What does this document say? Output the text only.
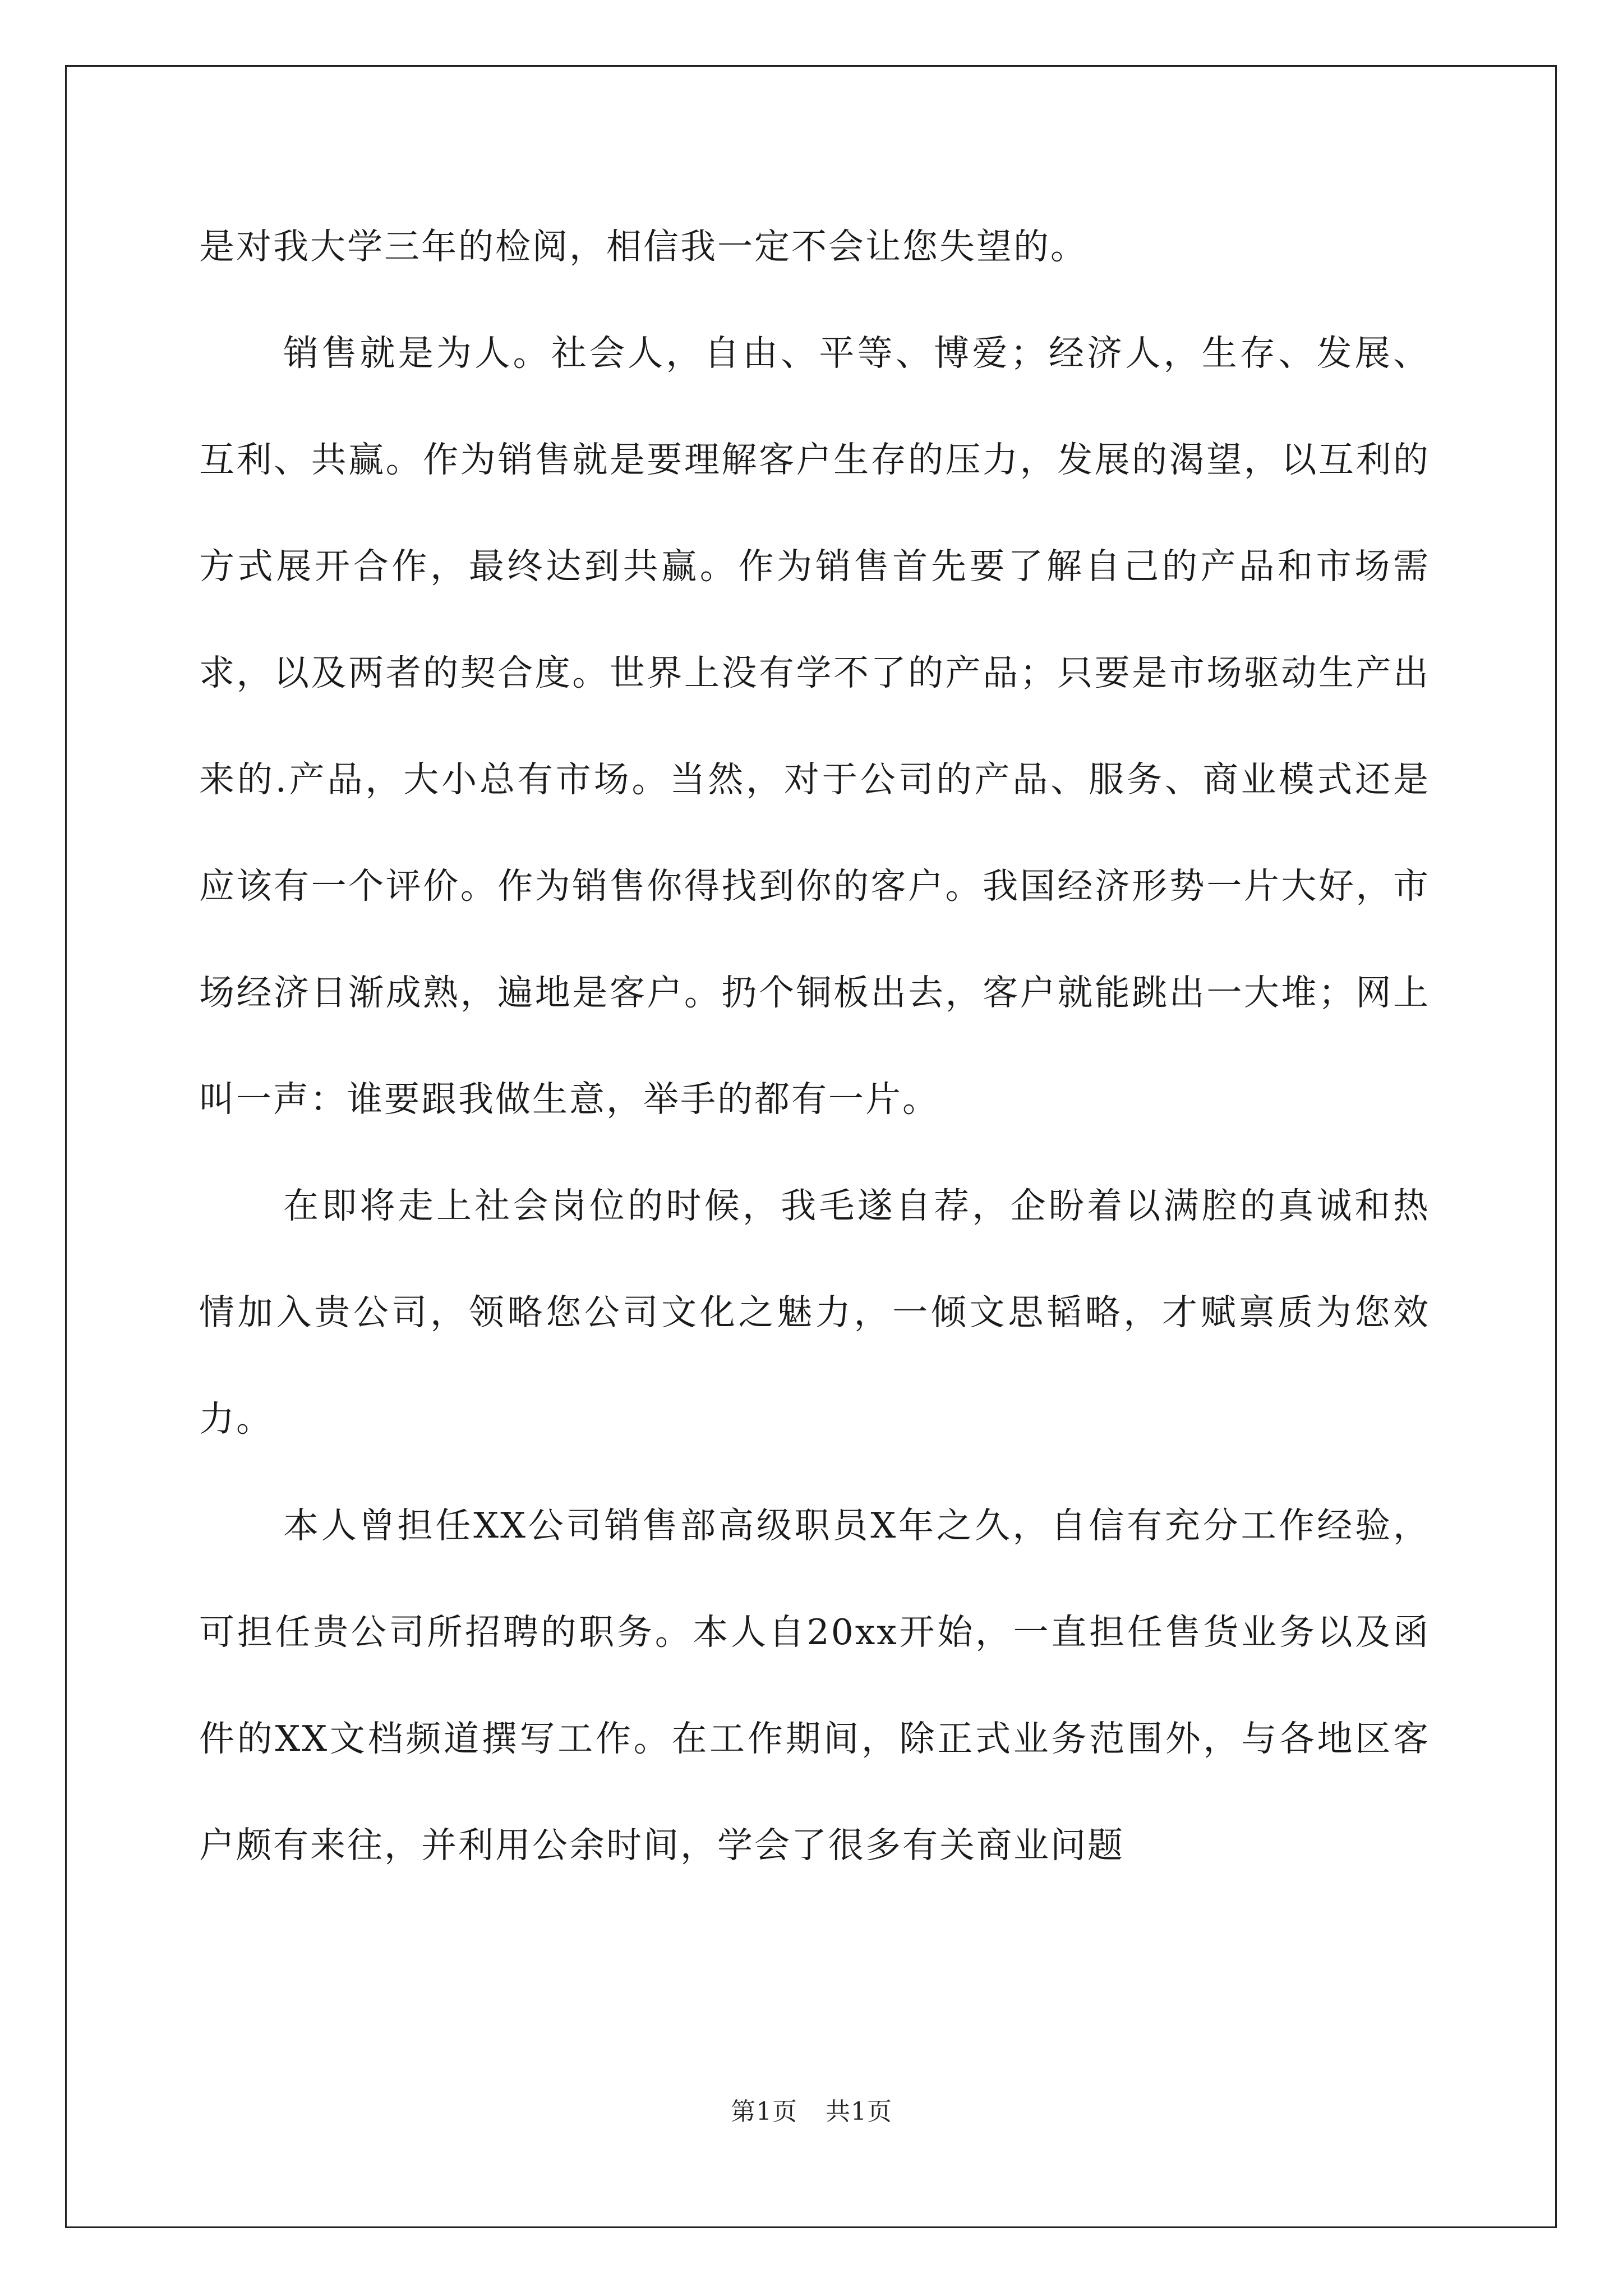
是对我大学三年的检阅，相信我一定不会让您失望的。

销售就是为人。社会人，自由、平等、博爱；经济人，生存、发展、互利、共赢。作为销售就是要理解客户生存的压力，发展的渴望，以互利的方式展开合作，最终达到共赢。作为销售首先要了解自己的产品和市场需求，以及两者的契合度。世界上没有学不了的产品；只要是市场驱动生产出来的.产品，大小总有市场。当然，对于公司的产品、服务、商业模式还是应该有一个评价。作为销售你得找到你的客户。我国经济形势一片大好，市场经济日渐成熟，遍地是客户。扔个铜板出去，客户就能跳出一大堆；网上叫一声：谁要跟我做生意，举手的都有一片。

在即将走上社会岗位的时候，我毛遂自荐，企盼着以满腔的真诚和热情加入贵公司，领略您公司文化之魅力，一倾文思韬略，才赋禀质为您效力。

本人曾担任XX公司销售部高级职员X年之久，自信有充分工作经验，可担任贵公司所招聘的职务。本人自20xx开始，一直担任售货业务以及函件的XX文档频道撰写工作。在工作期间，除正式业务范围外，与各地区客户颇有来往，并利用公余时间，学会了很多有关商业问题

第1页 共1页
